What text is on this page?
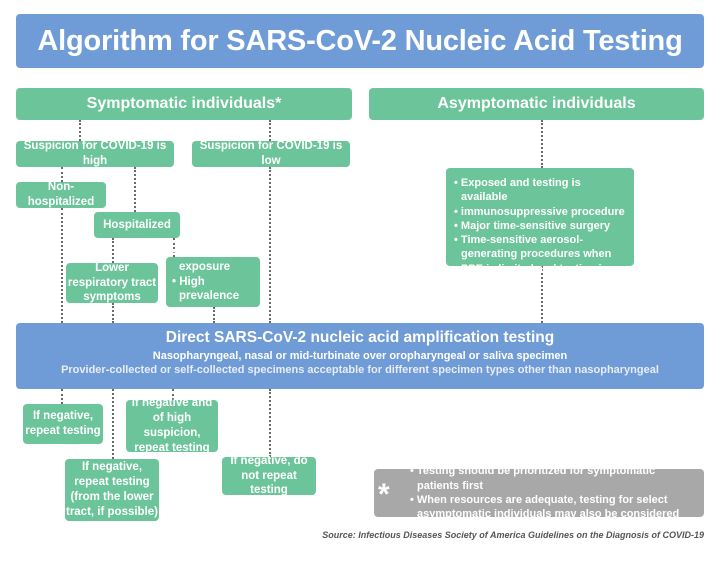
Algorithm for SARS-CoV-2 Nucleic Acid Testing
Symptomatic individuals*	Asymptomatic individuals
Suspicion for COVID-19 is high
Suspicion for COVID-19 is low
Non-hospitalized
Hospitalized
Lower respiratory tract symptoms
• Known exposure
• High prevalence area
• Exposed and testing is available
• immunosuppressive procedure
• Major time-sensitive surgery
• Time-sensitive aerosol-generating procedures when PPE is limited and testing is available
Direct SARS-CoV-2 nucleic acid amplification testing
Nasopharyngeal, nasal or mid-turbinate over oropharyngeal or saliva specimen
Provider-collected or self-collected specimens acceptable for different specimen types other than nasopharyngeal
If negative, repeat testing
If negative and of high suspicion, repeat testing
If negative, repeat testing (from the lower tract, if possible)
If negative, do not repeat testing
• Testing should be prioritized for symptomatic patients first
• When resources are adequate, testing for select asymptomatic individuals may also be considered
*
Source: Infectious Diseases Society of America Guidelines on the Diagnosis of COVID-19
